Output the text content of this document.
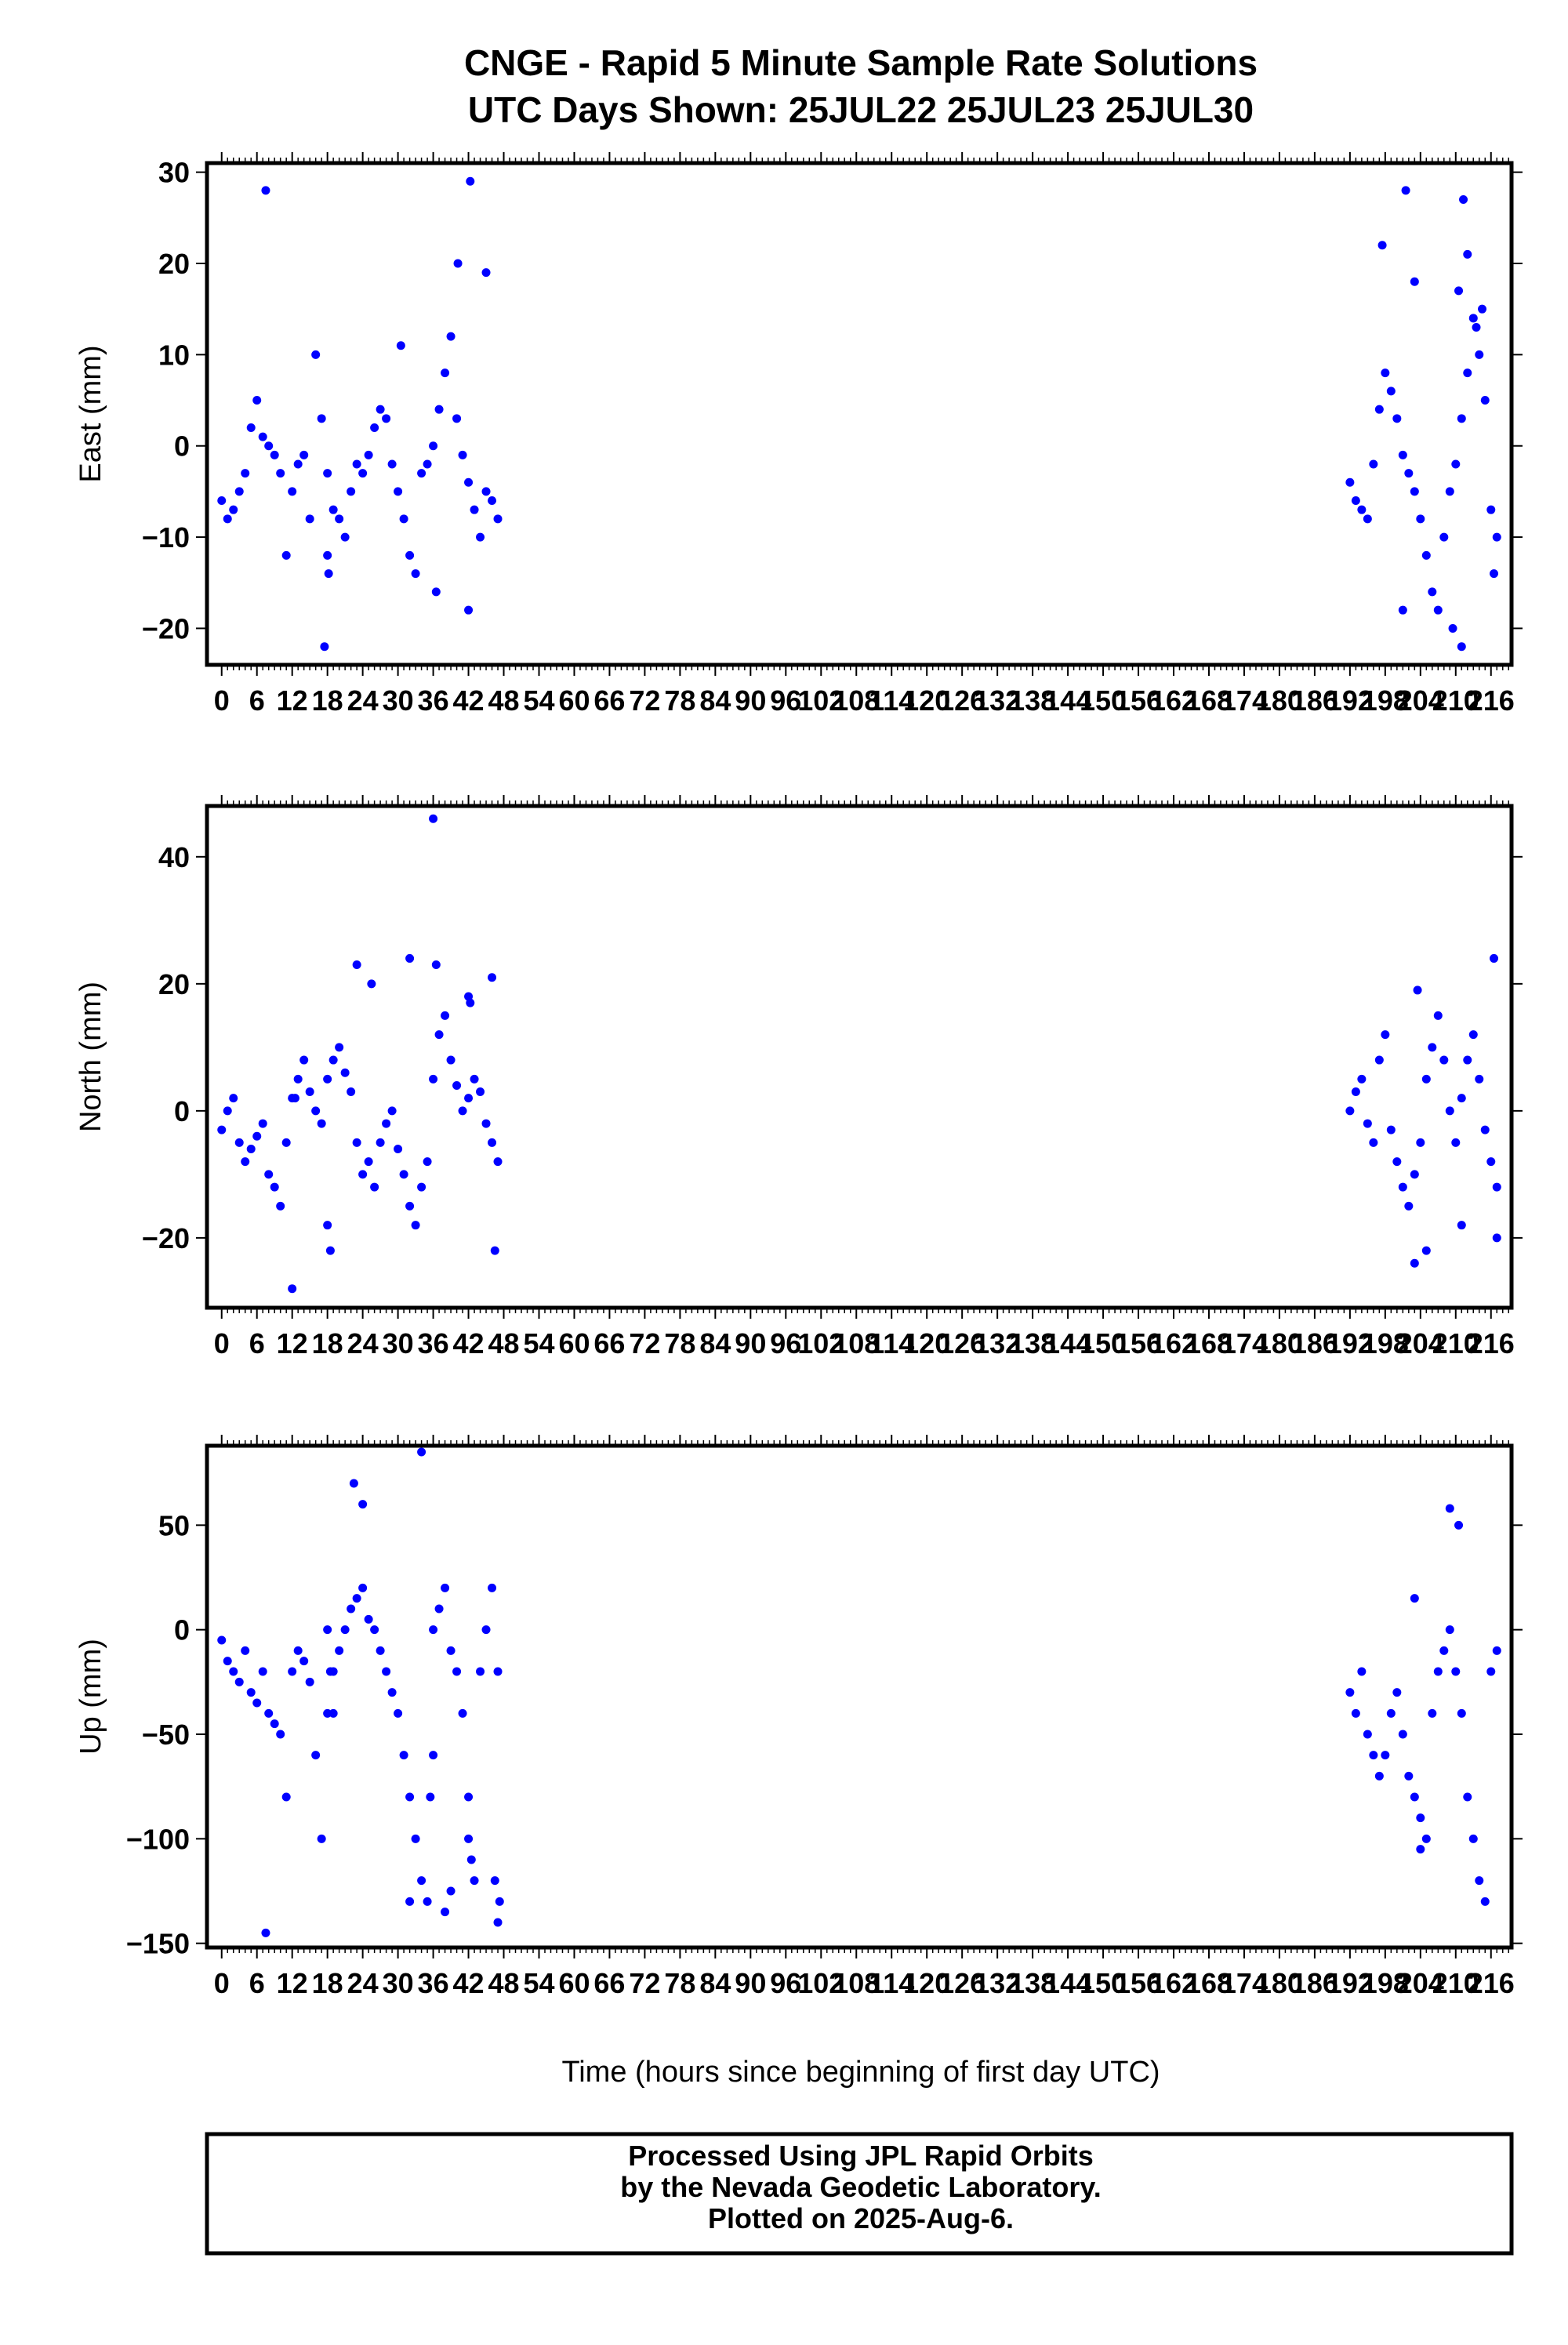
CNGE - Rapid 5 Minute Sample Rate Solutions
UTC Days Shown: 25JUL22 25JUL23 25JUL30
0 6 12 18 24 30 36 42 48 54 60 66 72 78 84 90 96
102
108
114
120
126
132
138
144
150
156
162
168
174
180
186
192
198
204
210
216
30
20
10
0
−10
−20
East (mm)
0 6 12 18 24 30 36 42 48 54 60 66 72 78 84 90 96
102
108
114
120
126
132
138
144
150
156
162
168
174
180
186
192
198
204
210
216
40
20
0
−20
North (mm)
0 6 12 18 24 30 36 42 48 54 60 66 72 78 84 90 96
102
108
114
120
126
132
138
144
150
156
162
168
174
180
186
192
198
204
210
216
50
0
−50
−100
−150
Up (mm)
Time (hours since beginning of first day UTC)
Processed Using JPL Rapid Orbits
by the Nevada Geodetic Laboratory.
Plotted on 2025-Aug-6.
